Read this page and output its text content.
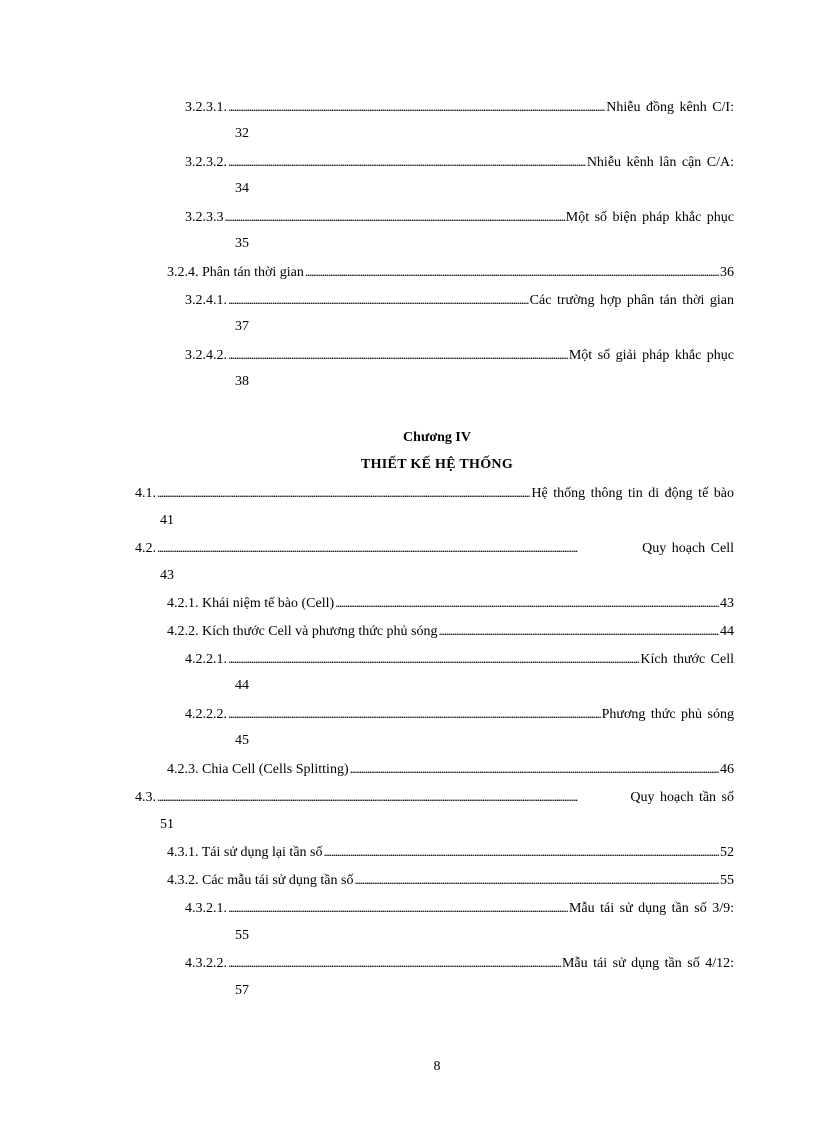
3.2.3.1. . . .	Nhiễu đồng kênh C/I:
32
3.2.3.2. . . .	Nhiễu kênh lân cận C/A:
34
3.2.3.3 . . .	Một số biện pháp khắc phục
35
3.2.4. Phân tán thời gian . . .	36
3.2.4.1. . . .	Các trường hợp phân tán thời gian
37
3.2.4.2. . . .	Một số giải pháp khắc phục
38
Chương IV
THIẾT KẾ HỆ THỐNG
4.1. . . .	Hệ thống thông tin di động tế bào
41
4.2. . . .	Quy hoạch Cell
43
4.2.1. Khái niệm tế bào (Cell) . . .	43
4.2.2. Kích thước Cell và phương thức phủ sóng . . .	44
4.2.2.1. . . .	Kích thước Cell
44
4.2.2.2. . . .	Phương thức phủ sóng
45
4.2.3. Chia Cell (Cells Splitting) . . .	46
4.3. . . .	Quy hoạch tần số
51
4.3.1. Tái sử dụng lại tần số . . .	52
4.3.2. Các mẫu tái sử dụng tần số . . .	55
4.3.2.1. . . .	Mẫu tái sử dụng tần số 3/9:
55
4.3.2.2. . . .	Mẫu tái sử dụng tần số 4/12:
57
8
